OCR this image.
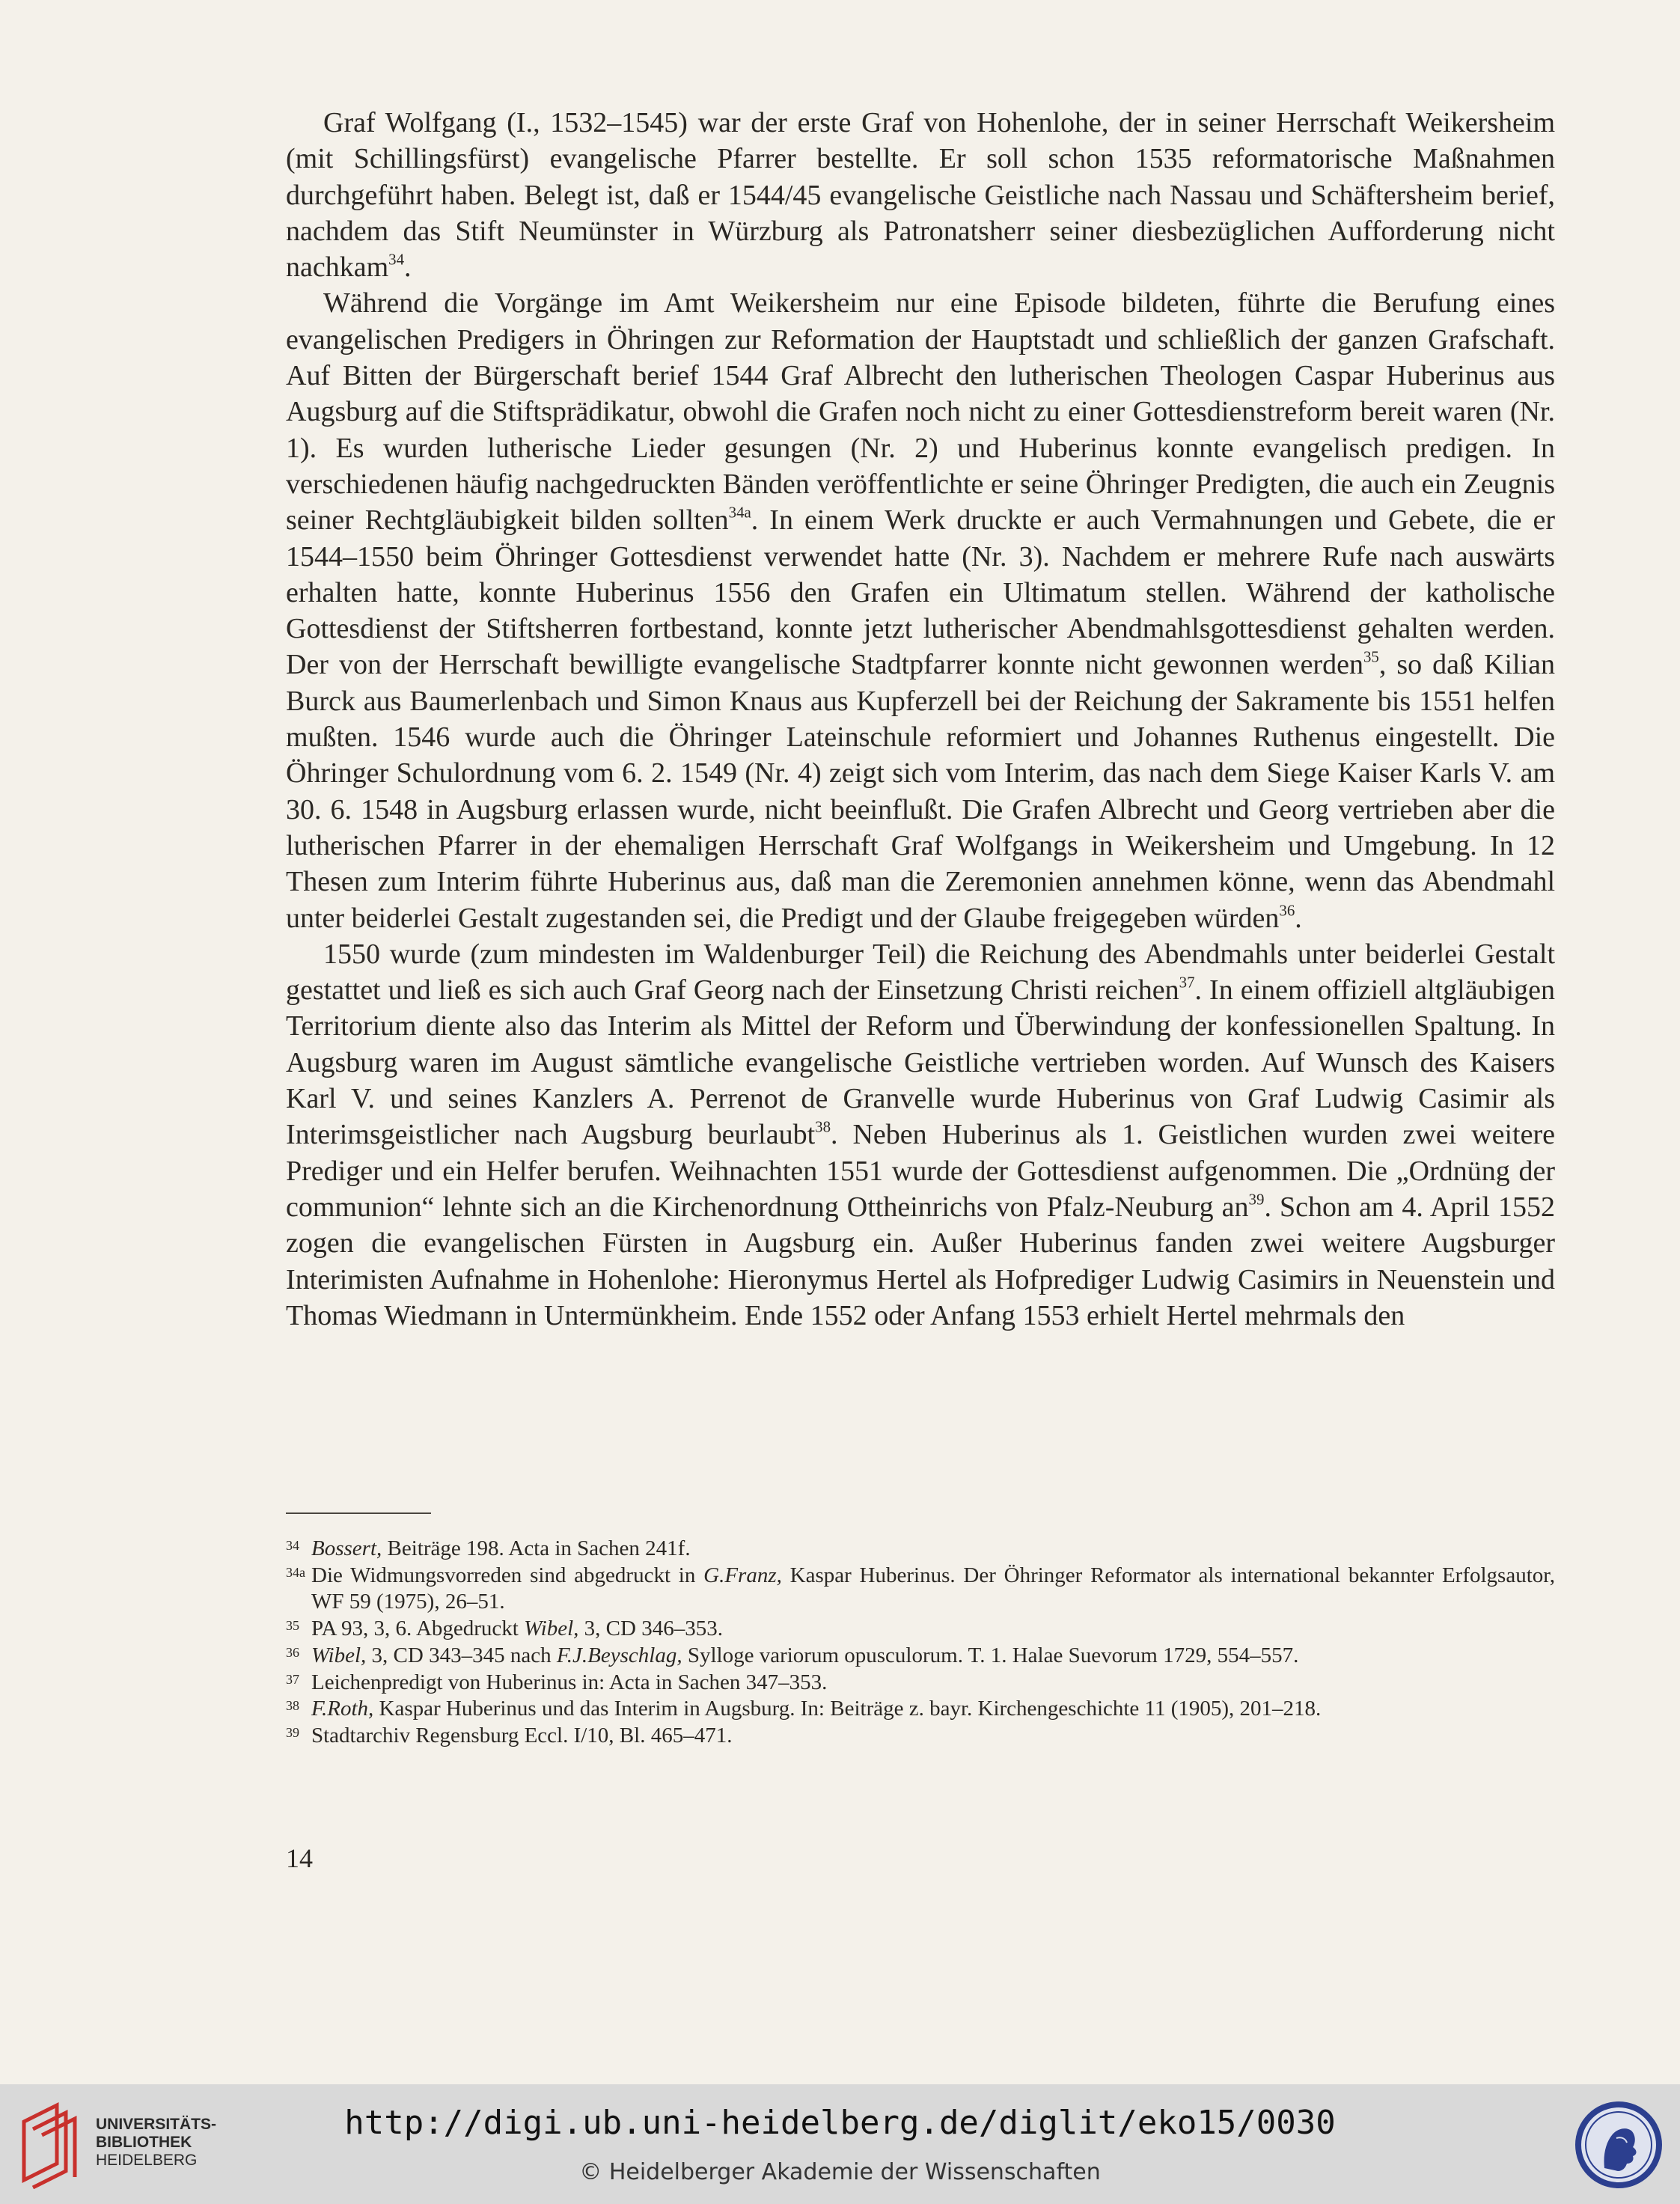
Graf Wolfgang (I., 1532–1545) war der erste Graf von Hohenlohe, der in seiner Herrschaft Weikersheim (mit Schillingsfürst) evangelische Pfarrer bestellte. Er soll schon 1535 reformatorische Maßnahmen durchgeführt haben. Belegt ist, daß er 1544/45 evangelische Geistliche nach Nassau und Schäftersheim berief, nachdem das Stift Neumünster in Würzburg als Patronatsherr seiner diesbezüglichen Aufforderung nicht nachkam$^{34}$.

Während die Vorgänge im Amt Weikersheim nur eine Episode bildeten, führte die Berufung eines evangelischen Predigers in Öhringen zur Reformation der Hauptstadt und schließlich der ganzen Grafschaft. Auf Bitten der Bürgerschaft berief 1544 Graf Albrecht den lutherischen Theologen Caspar Huberinus aus Augsburg auf die Stiftsprädikatur, obwohl die Grafen noch nicht zu einer Gottesdienstreform bereit waren (Nr. 1). Es wurden lutherische Lieder gesungen (Nr. 2) und Huberinus konnte evangelisch predigen. In verschiedenen häufig nachgedruckten Bänden veröffentlichte er seine Öhringer Predigten, die auch ein Zeugnis seiner Rechtgläubigkeit bilden sollten$^{34a}$. In einem Werk druckte er auch Vermahnungen und Gebete, die er 1544–1550 beim Öhringer Gottesdienst verwendet hatte (Nr. 3). Nachdem er mehrere Rufe nach auswärts erhalten hatte, konnte Huberinus 1556 den Grafen ein Ultimatum stellen. Während der katholische Gottesdienst der Stiftsherren fortbestand, konnte jetzt lutherischer Abendmahlsgottesdienst gehalten werden. Der von der Herrschaft bewilligte evangelische Stadtpfarrer konnte nicht gewonnen werden$^{35}$, so daß Kilian Burck aus Baumerlenbach und Simon Knaus aus Kupferzell bei der Reichung der Sakramente bis 1551 helfen mußten. 1546 wurde auch die Öhringer Lateinschule reformiert und Johannes Ruthenus eingestellt. Die Öhringer Schulordnung vom 6. 2. 1549 (Nr. 4) zeigt sich vom Interim, das nach dem Siege Kaiser Karls V. am 30. 6. 1548 in Augsburg erlassen wurde, nicht beeinflußt. Die Grafen Albrecht und Georg vertrieben aber die lutherischen Pfarrer in der ehemaligen Herrschaft Graf Wolfgangs in Weikersheim und Umgebung. In 12 Thesen zum Interim führte Huberinus aus, daß man die Zeremonien annehmen könne, wenn das Abendmahl unter beiderlei Gestalt zugestanden sei, die Predigt und der Glaube freigegeben würden$^{36}$.

1550 wurde (zum mindesten im Waldenburger Teil) die Reichung des Abendmahls unter beiderlei Gestalt gestattet und ließ es sich auch Graf Georg nach der Einsetzung Christi reichen$^{37}$. In einem offiziell altgläubigen Territorium diente also das Interim als Mittel der Reform und Überwindung der konfessionellen Spaltung. In Augsburg waren im August sämtliche evangelische Geistliche vertrieben worden. Auf Wunsch des Kaisers Karl V. und seines Kanzlers A. Perrenot de Granvelle wurde Huberinus von Graf Ludwig Casimir als Interimsgeistlicher nach Augsburg beurlaubt$^{38}$. Neben Huberinus als 1. Geistlichen wurden zwei weitere Prediger und ein Helfer berufen. Weihnachten 1551 wurde der Gottesdienst aufgenommen. Die „Ordnüng der communion“ lehnte sich an die Kirchenordnung Ottheinrichs von Pfalz-Neuburg $an^{39}$. Schon am 4. April 1552 zogen die evangelischen Fürsten in Augsburg ein. Außer Huberinus fanden zwei weitere Augsburger Interimisten Aufnahme in Hohenlohe: Hieronymus Hertel als Hofprediger Ludwig Casimirs in Neuenstein und Thomas Wiedmann in Untermünkheim. Ende 1552 oder Anfang 1553 erhielt Hertel mehrmals den

34 Bossert, Beiträge 198. Acta in Sachen 241f.
34a Die Widmungsvorreden sind abgedruckt in G.Franz, Kaspar Huberinus. Der Öhringer Reformator als international bekannter Erfolgsautor, WF 59 (1975), 26–51.
35 PA 93, 3, 6. Abgedruckt Wibel, 3, CD 346–353.
36 Wibel, 3, CD 343–345 nach F.J.Beyschlag, Sylloge variorum opusculorum. T. 1. Halae Suevorum 1729, 554–557.
37 Leichenpredigt von Huberinus in: Acta in Sachen 347–353.
38 F.Roth, Kaspar Huberinus und das Interim in Augsburg. In: Beiträge z. bayr. Kirchengeschichte 11 (1905), 201–218.
39 Stadtarchiv Regensburg Eccl. I/10, Bl. 465–471.
14
UNIVERSITÄTS-
BIBLIOTHEK
HEIDELBERG
http://digi.ub.uni-heidelberg.de/diglit/eko15/0030
© Heidelberger Akademie der Wissenschaften
